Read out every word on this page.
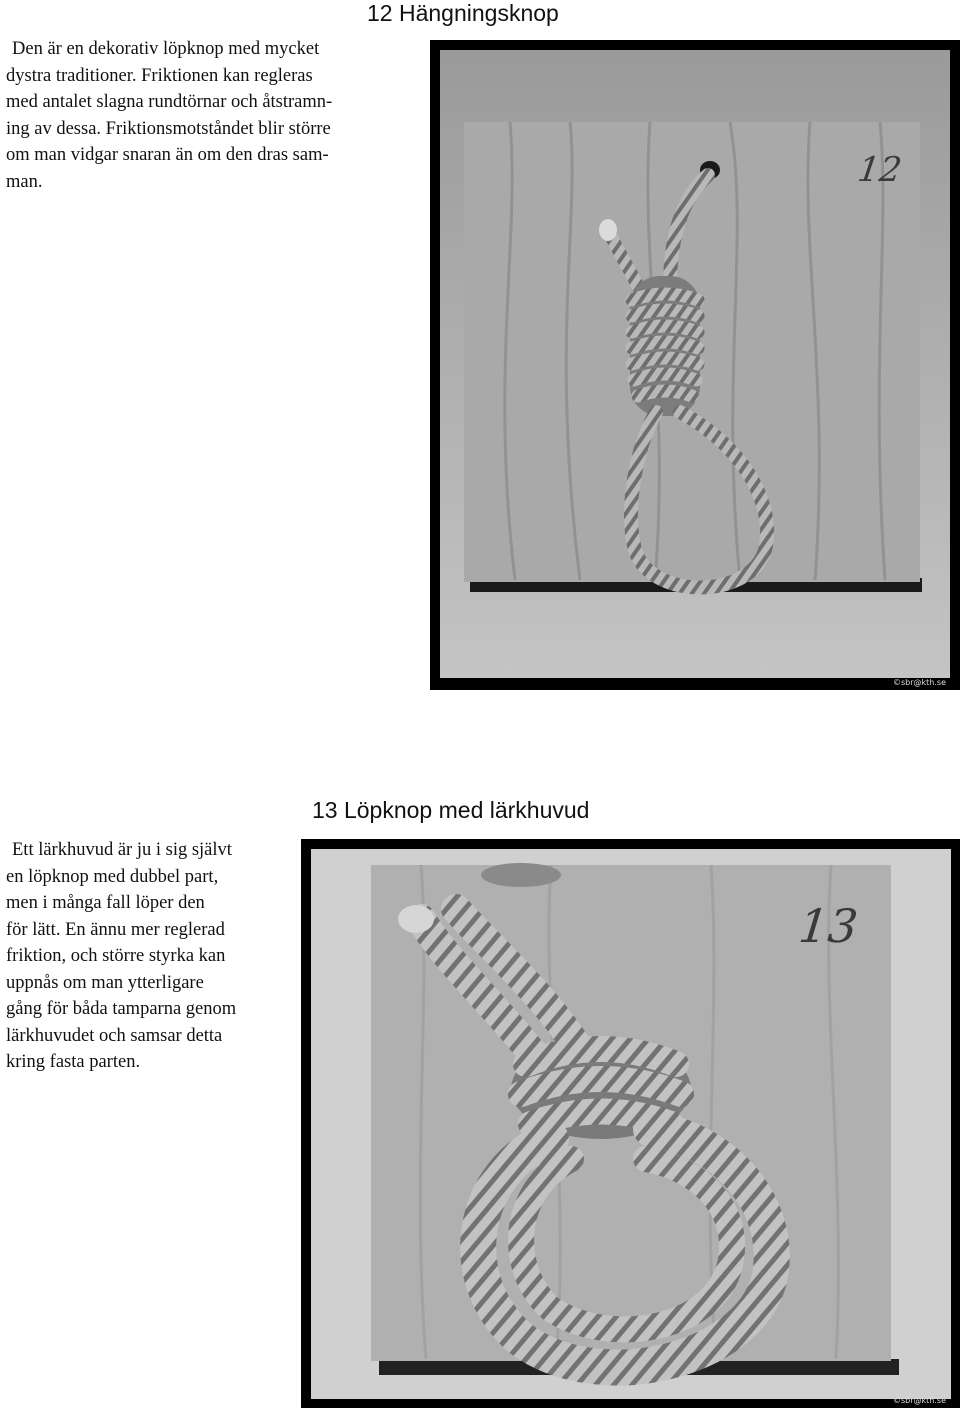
12 Hängningsknop

Den är en dekorativ löpknop med mycket
dystra traditioner. Friktionen kan regleras
med antalet slagna rundtörnar och åtstramn-
ing av dessa. Friktionsmotståndet blir större
om man vidgar snaran än om den dras sam-
man.	12
©sbr@kth.se
13 Löpknop med lärkhuvud

Ett lärkhuvud är ju i sig självt
en löpknop med dubbel part,
men i många fall löper den
för lätt. En ännu mer reglerad
friktion, och större styrka kan
uppnås om man ytterligare
gång för båda tamparna genom
lärkhuvudet och samsar detta
kring fasta parten.

13
©sbr@kth.se
